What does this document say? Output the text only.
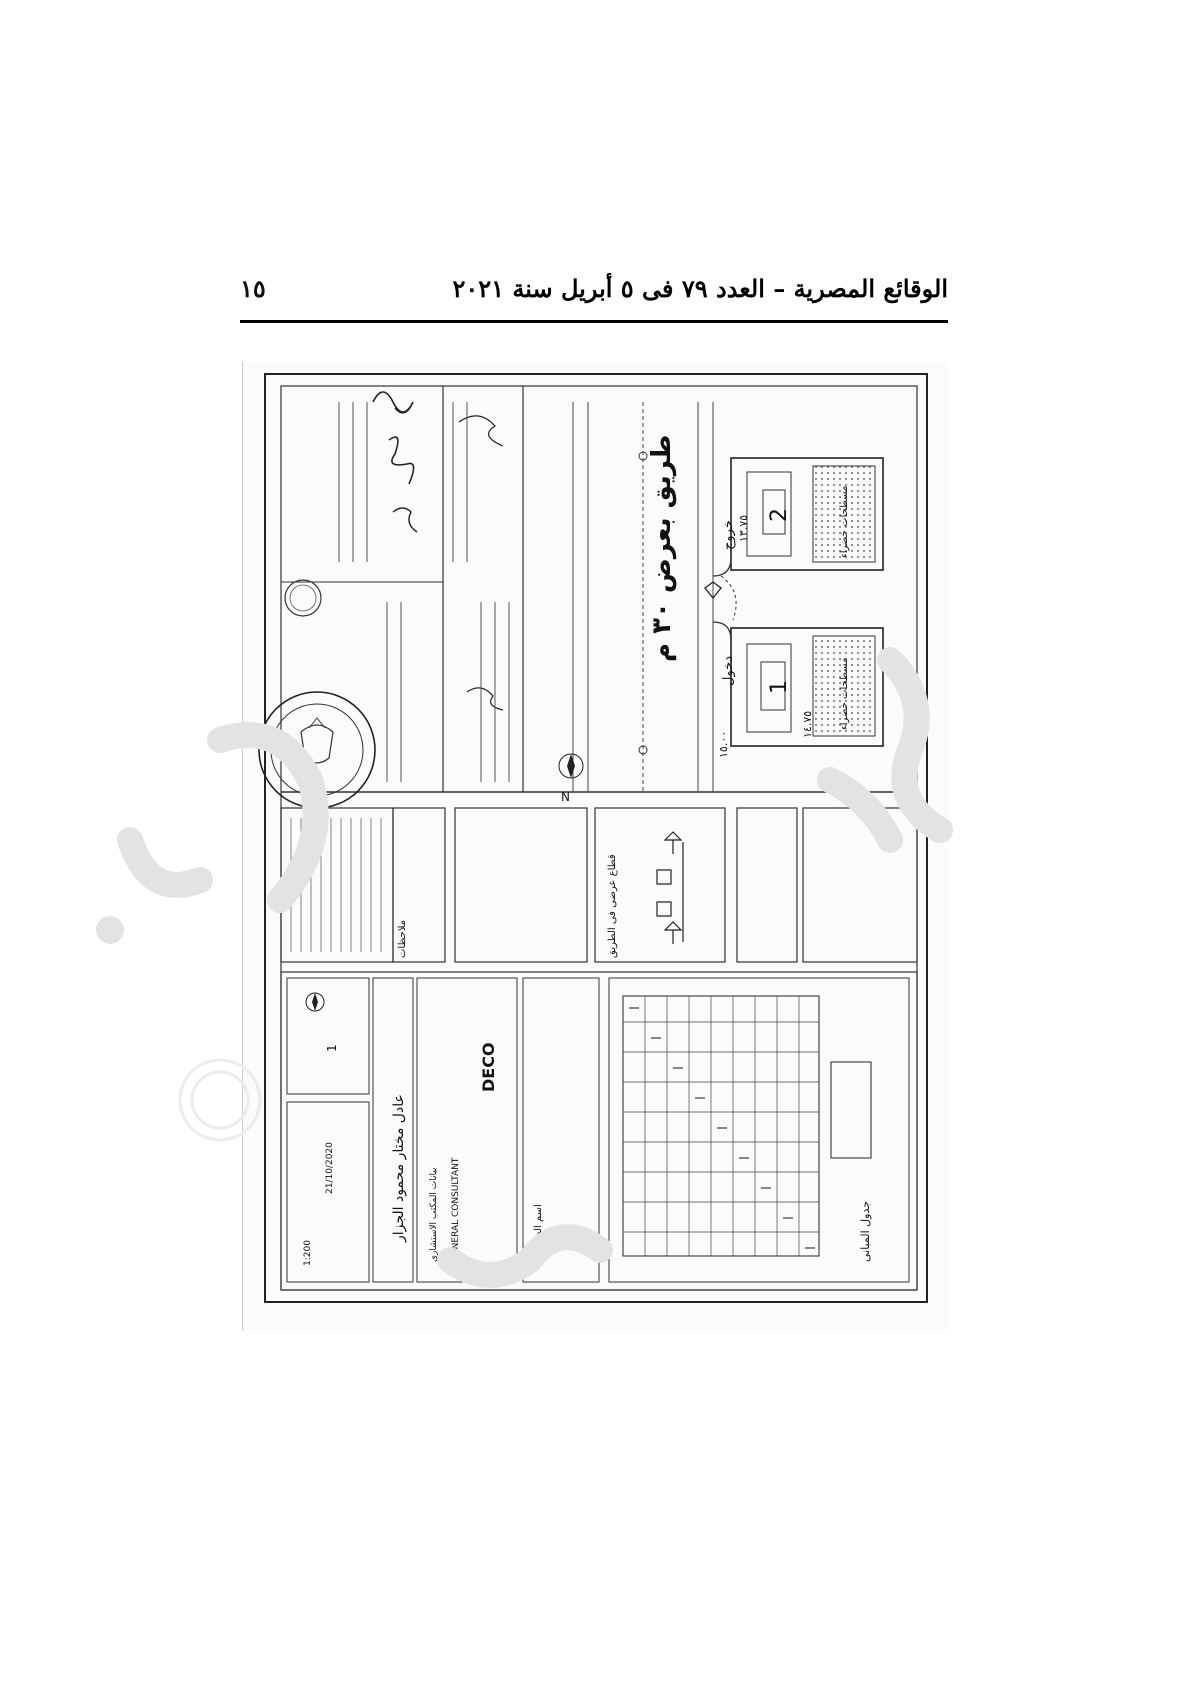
الوقائع المصرية – العدد ٧٩ فى ٥ أبريل سنة ٢٠٢١
١٥
طريق بعرض ٣٠ م
دخول
خروج
2
1
مسطحات خضراء
مسطحات خضراء
١٣.٧٥
١٤.٧٥
١٥.٠٠
N
جدول المبانى
قطاع عرضى فى الطريق
ملاحظات
GENERAL CONSULTANT
DECO
اسم المشروع
بيانات المكتب الاستشارى
1:200
1
21/10/2020	عادل مختار محمود الجزار
